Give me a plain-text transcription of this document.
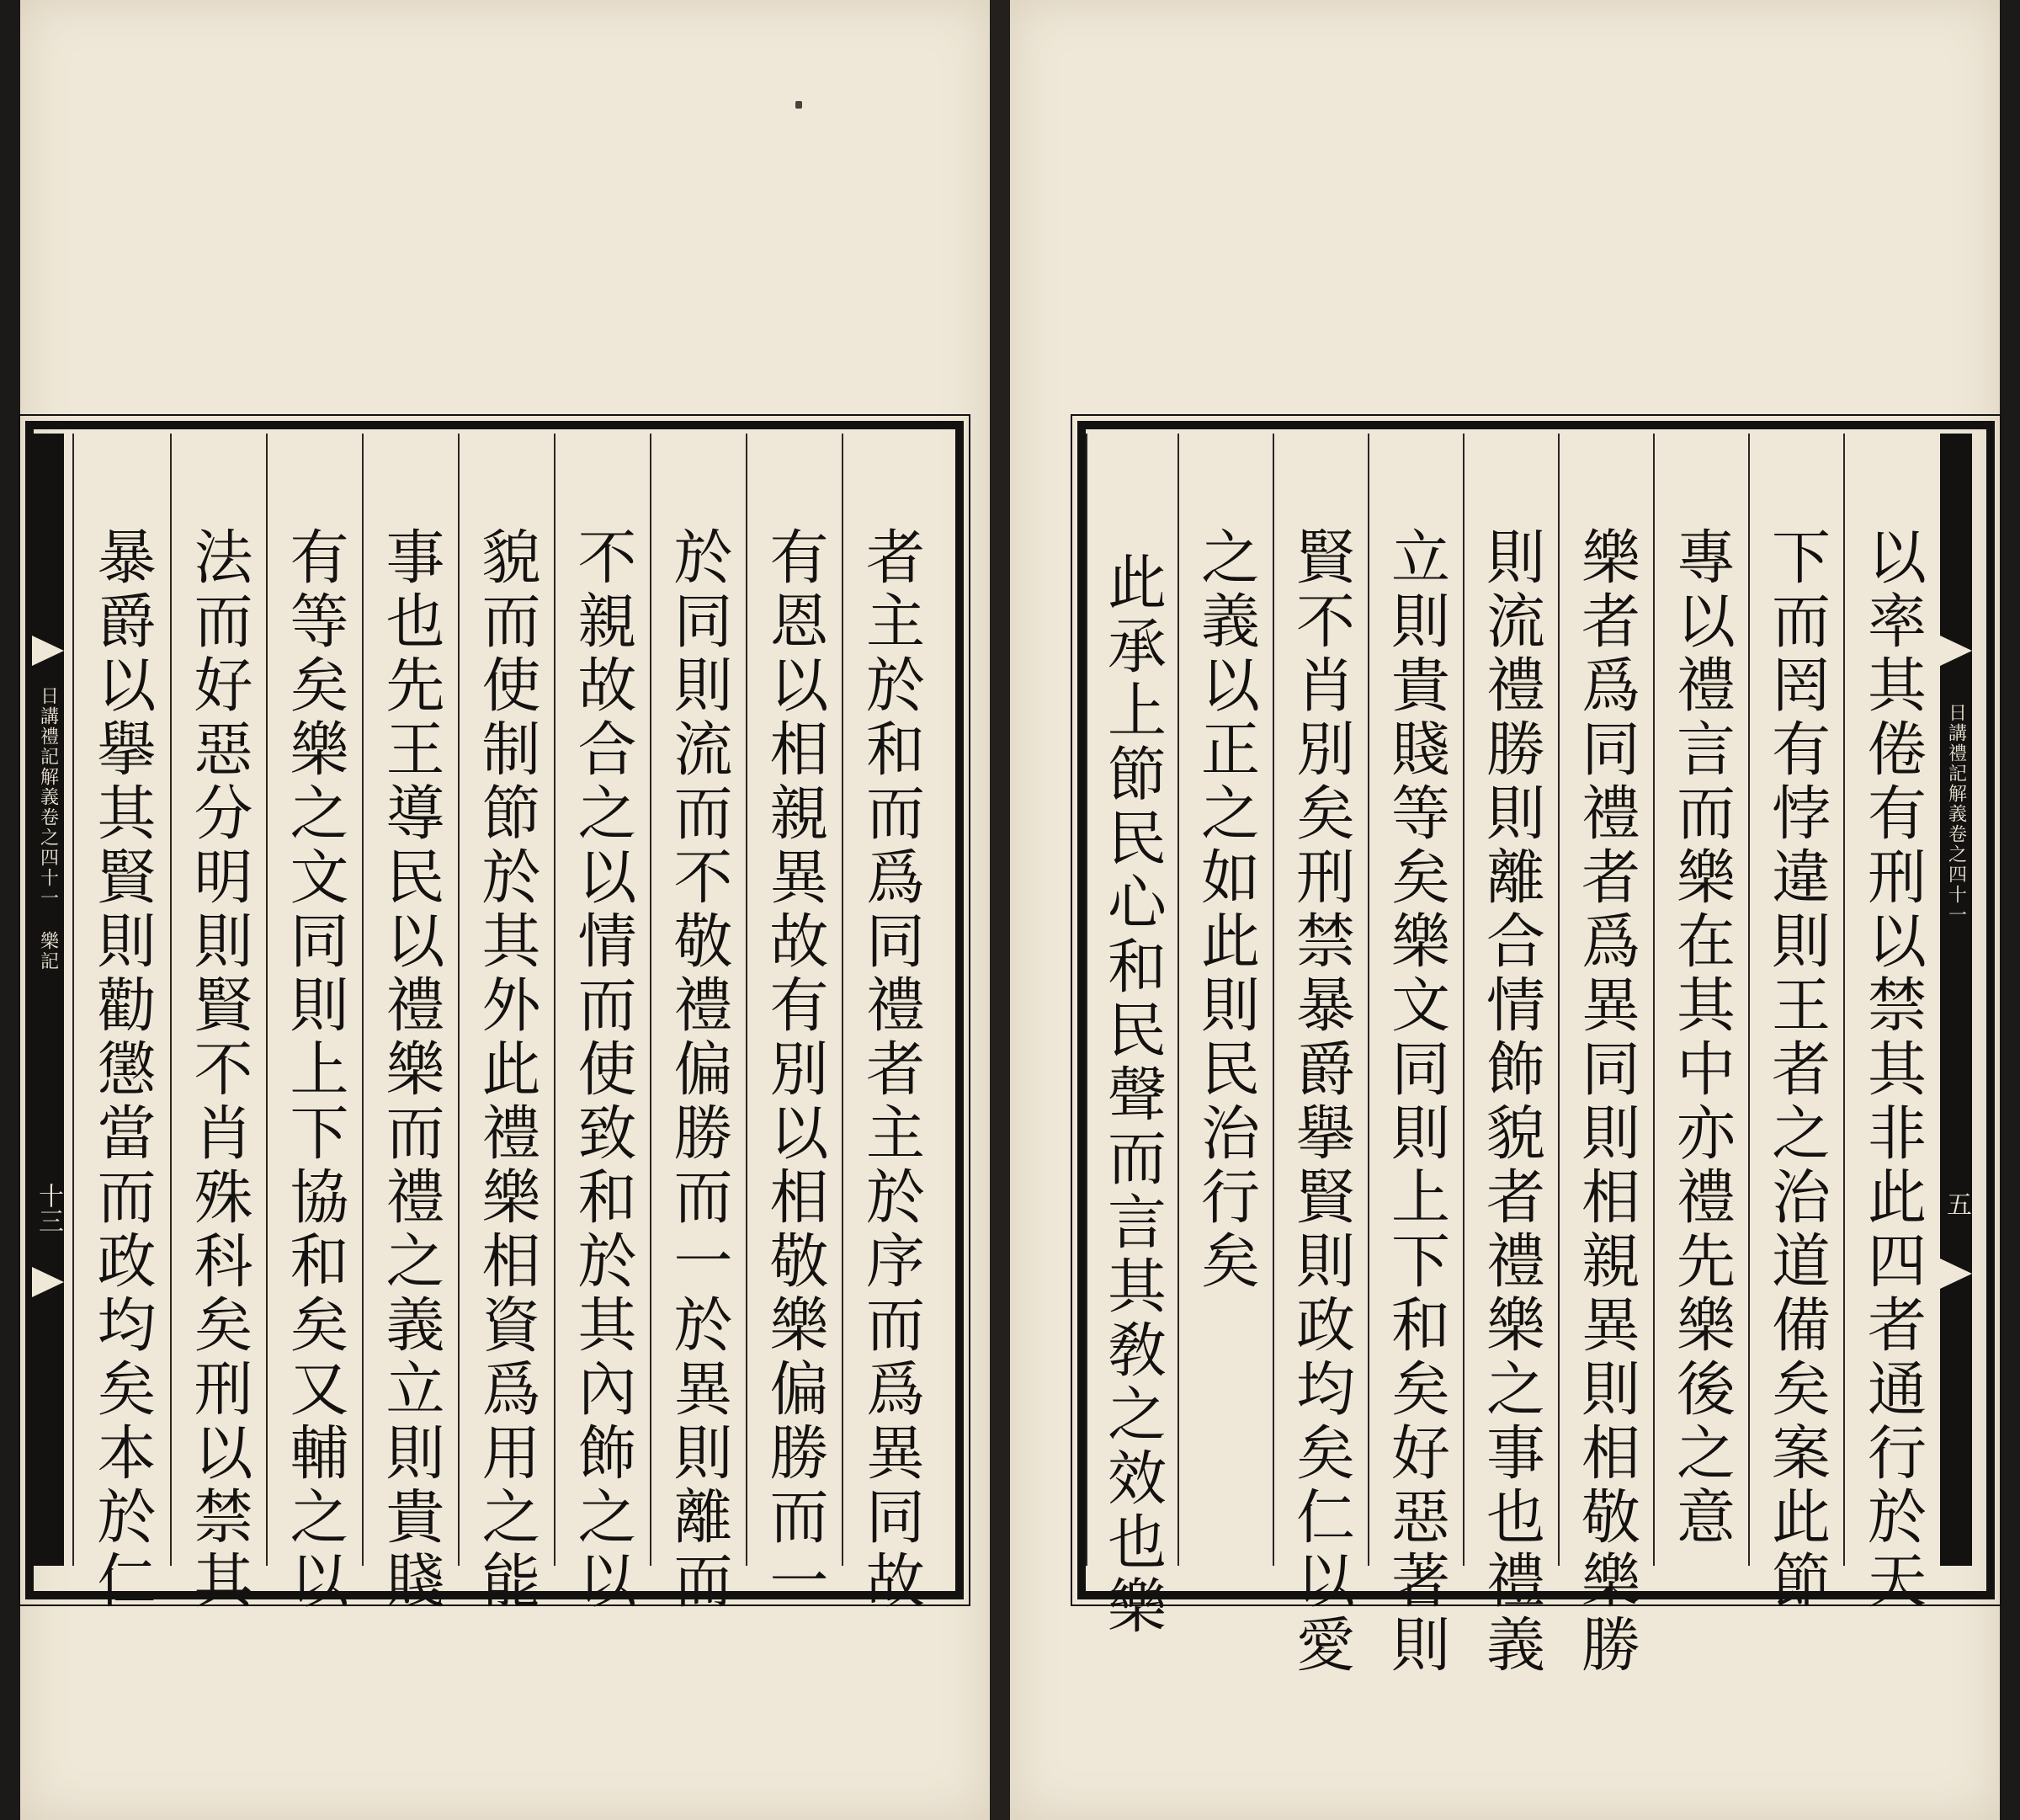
日講禮記解義卷之四十一
五
以率其倦有刑以禁其非此四者通行於天
下而罔有悖違則王者之治道備矣案此節
專以禮言而樂在其中亦禮先樂後之意
樂者爲同禮者爲異同則相親異則相敬樂勝
則流禮勝則離合情飾貌者禮樂之事也禮義
立則貴賤等矣樂文同則上下和矣好惡著則
賢不肖別矣刑禁暴爵擧賢則政均矣仁以愛
之義以正之如此則民治行矣
此承上節民心和民聲而言其敎之效也樂
日講禮記解義卷之四十一 樂記
十三	者主於和而爲同禮者主於序而爲異同故
有恩以相親異故有別以相敬樂偏勝而一
於同則流而不敬禮偏勝而一於異則離而
不親故合之以情而使致和於其內飾之以
貌而使制節於其外此禮樂相資爲用之能
事也先王導民以禮樂而禮之義立則貴賤
有等矣樂之文同則上下協和矣又輔之以
法而好惡分明則賢不肖殊科矣刑以禁其
暴爵以擧其賢則勸懲當而政均矣本於仁
